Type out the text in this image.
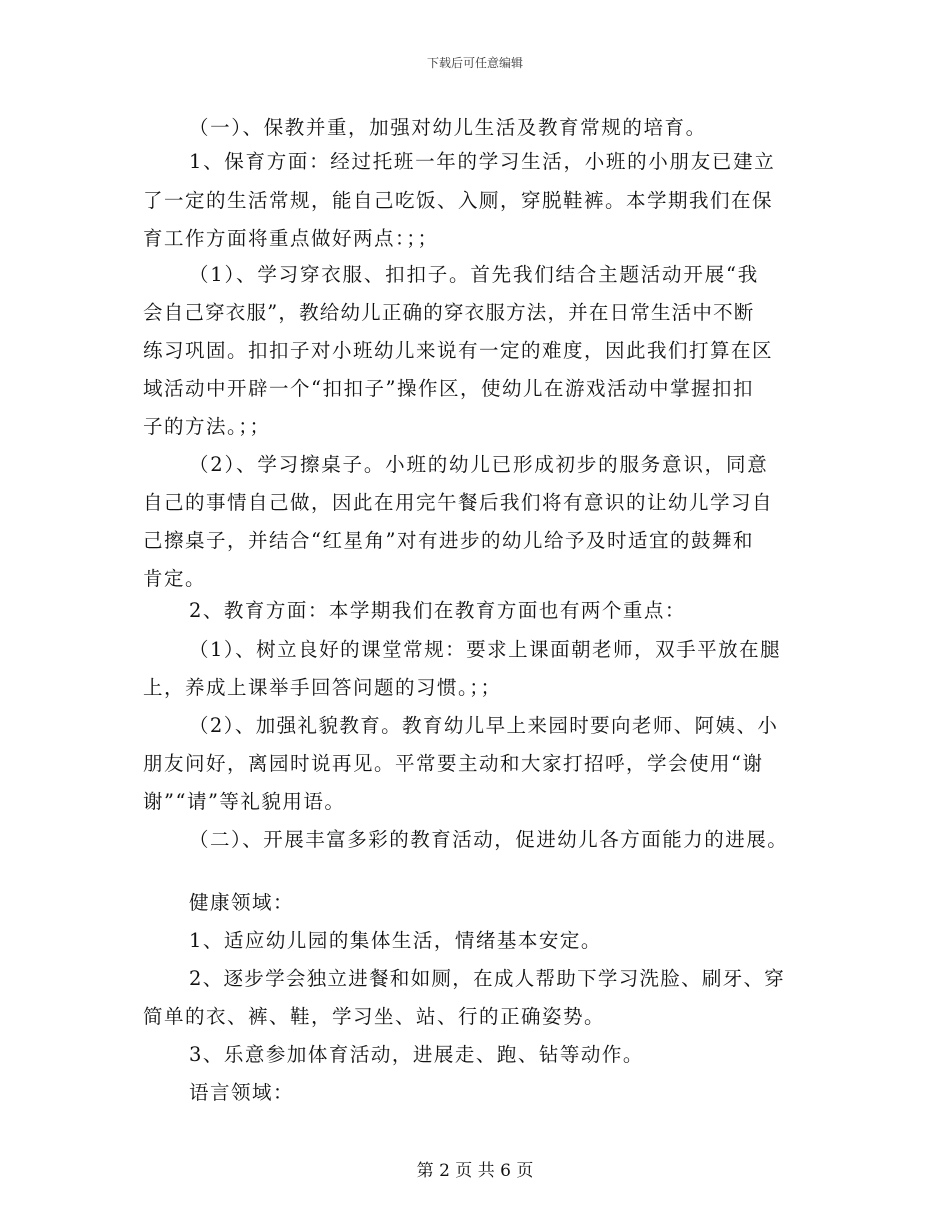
下载后可任意编辑
（一）、保教并重，加强对幼儿生活及教育常规的培育。
1、保育方面：经过托班一年的学习生活，小班的小朋友已建立
了一定的生活常规，能自己吃饭、入厕，穿脱鞋裤。本学期我们在保
育工作方面将重点做好两点：；；
（1）、学习穿衣服、扣扣子。首先我们结合主题活动开展“我
会自己穿衣服”，教给幼儿正确的穿衣服方法，并在日常生活中不断
练习巩固。扣扣子对小班幼儿来说有一定的难度，因此我们打算在区
域活动中开辟一个“扣扣子”操作区，使幼儿在游戏活动中掌握扣扣
子的方法。；；
（2）、学习擦桌子。小班的幼儿已形成初步的服务意识，同意
自己的事情自己做，因此在用完午餐后我们将有意识的让幼儿学习自
己擦桌子，并结合“红星角”对有进步的幼儿给予及时适宜的鼓舞和
肯定。
2、教育方面：本学期我们在教育方面也有两个重点：
（1）、树立良好的课堂常规：要求上课面朝老师，双手平放在腿
上，养成上课举手回答问题的习惯。；；
（2）、加强礼貌教育。教育幼儿早上来园时要向老师、阿姨、小
朋友问好，离园时说再见。平常要主动和大家打招呼，学会使用“谢
谢”“请”等礼貌用语。
（二）、开展丰富多彩的教育活动，促进幼儿各方面能力的进展。
健康领域：
1、适应幼儿园的集体生活，情绪基本安定。
2、逐步学会独立进餐和如厕，在成人帮助下学习洗脸、刷牙、穿
简单的衣、裤、鞋，学习坐、站、行的正确姿势。
3、乐意参加体育活动，进展走、跑、钻等动作。
语言领域：
第 2 页 共 6 页
